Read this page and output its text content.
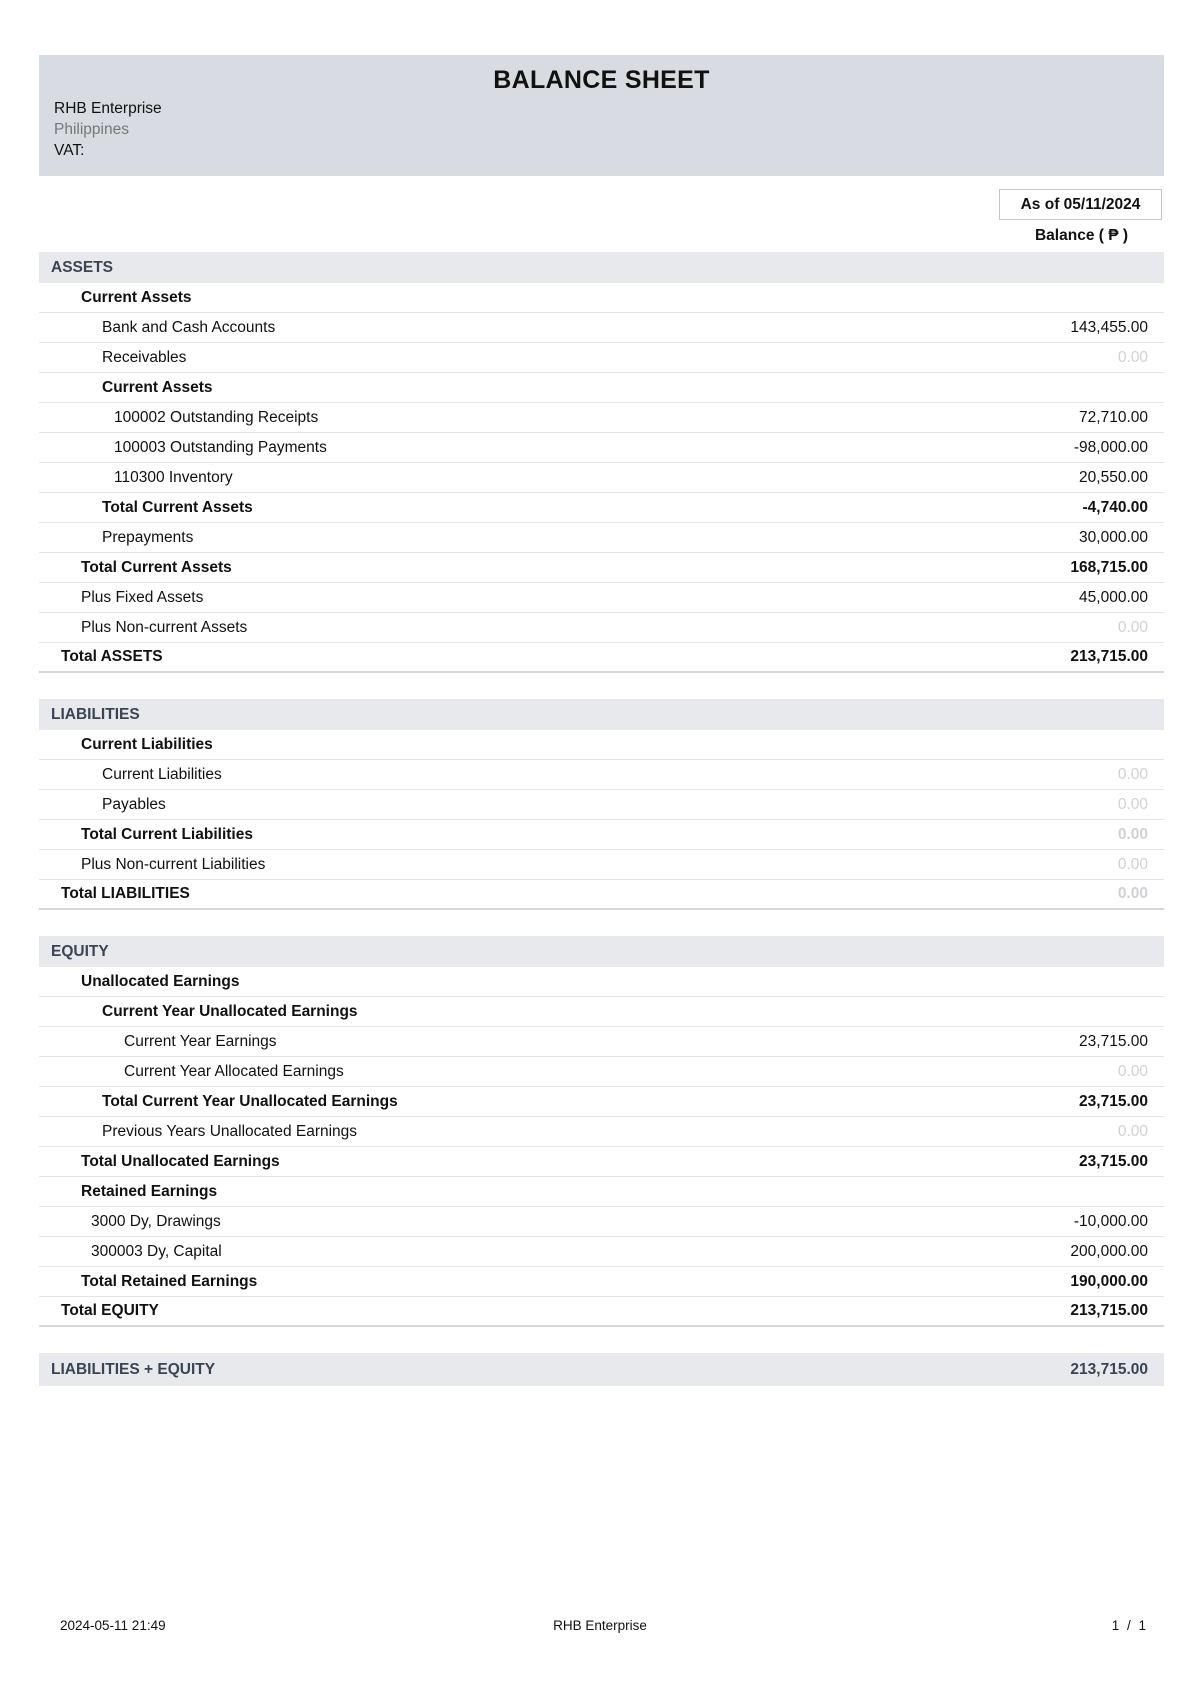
BALANCE SHEET
RHB Enterprise
Philippines
VAT:
As of 05/11/2024
Balance ( ₱ )
ASSETS
Current Assets
Bank and Cash Accounts	143,455.00
Receivables	0.00
Current Assets
100002 Outstanding Receipts	72,710.00
100003 Outstanding Payments	-98,000.00
110300 Inventory	20,550.00
Total Current Assets	-4,740.00
Prepayments	30,000.00
Total Current Assets	168,715.00
Plus Fixed Assets	45,000.00
Plus Non-current Assets	0.00
Total ASSETS	213,715.00
LIABILITIES
Current Liabilities
Current Liabilities	0.00
Payables	0.00
Total Current Liabilities	0.00
Plus Non-current Liabilities	0.00
Total LIABILITIES	0.00
EQUITY
Unallocated Earnings
Current Year Unallocated Earnings
Current Year Earnings	23,715.00
Current Year Allocated Earnings	0.00
Total Current Year Unallocated Earnings	23,715.00
Previous Years Unallocated Earnings	0.00
Total Unallocated Earnings	23,715.00
Retained Earnings
3000 Dy, Drawings	-10,000.00
300003 Dy, Capital	200,000.00
Total Retained Earnings	190,000.00
Total EQUITY	213,715.00
LIABILITIES + EQUITY	213,715.00
2024-05-11 21:49	RHB Enterprise	1 / 1
